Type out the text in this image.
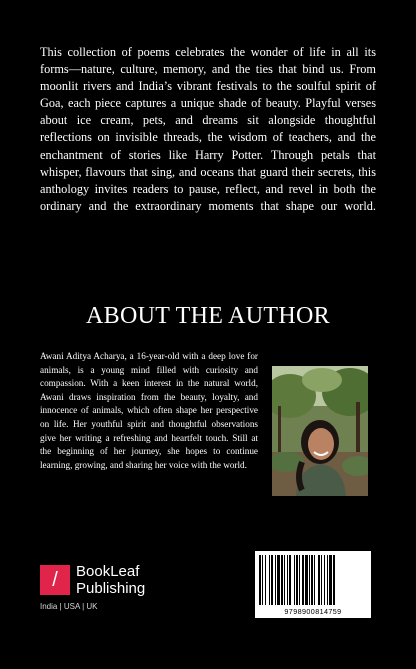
This collection of poems celebrates the wonder of life in all its forms—nature, culture, memory, and the ties that bind us. From moonlit rivers and India’s vibrant festivals to the soulful spirit of Goa, each piece captures a unique shade of beauty. Playful verses about ice cream, pets, and dreams sit alongside thoughtful reflections on invisible threads, the wisdom of teachers, and the enchantment of stories like Harry Potter. Through petals that whisper, flavours that sing, and oceans that guard their secrets, this anthology invites readers to pause, reflect, and revel in both the ordinary and the extraordinary moments that shape our world.

ABOUT THE AUTHOR

Awani Aditya Acharya, a 16-year-old with a deep love for animals, is a young mind filled with curiosity and compassion. With a keen interest in the natural world, Awani draws inspiration from the beauty, loyalty, and innocence of animals, which often shape her perspective on life. Her youthful spirit and thoughtful observations give her writing a refreshing and heartfelt touch. Still at the beginning of her journey, she hopes to continue learning, growing, and sharing her voice with the world.

/	BookLeaf
Publishing
India | USA | UK
9798900814759
